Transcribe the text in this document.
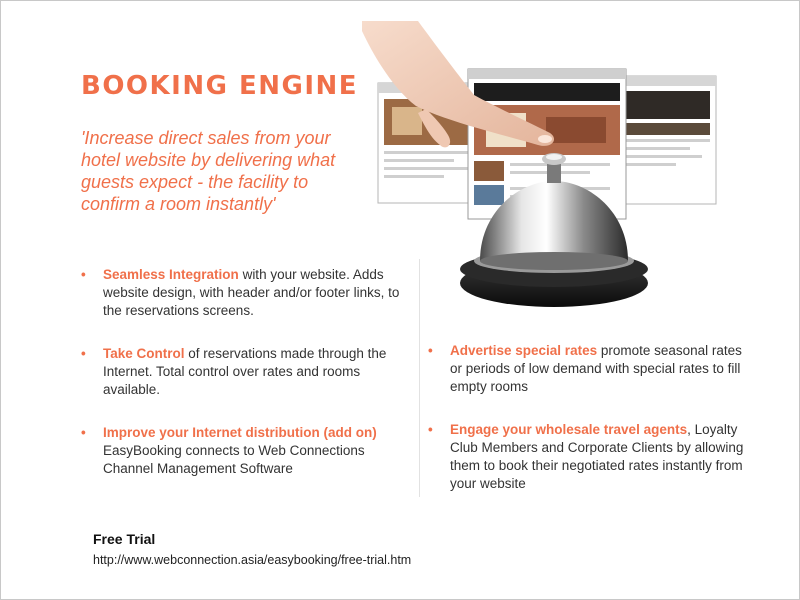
BOOKING ENGINE
'Increase direct sales from your hotel website by delivering what guests expect - the facility to confirm a room instantly'
• Seamless Integration with your website. Adds website design, with header and/or footer links, to the reservations screens.
• Take Control of reservations made through the Internet. Total control over rates and rooms available.
• Improve your Internet distribution (add on) EasyBooking connects to Web Connections Channel Management Software
• Advertise special rates promote seasonal rates or periods of low demand with special rates to fill empty rooms
• Engage your wholesale travel agents, Loyalty Club Members and Corporate Clients by allowing them to book their negotiated rates instantly from your website
Free Trial
http://www.webconnection.asia/easybooking/free-trial.htm
